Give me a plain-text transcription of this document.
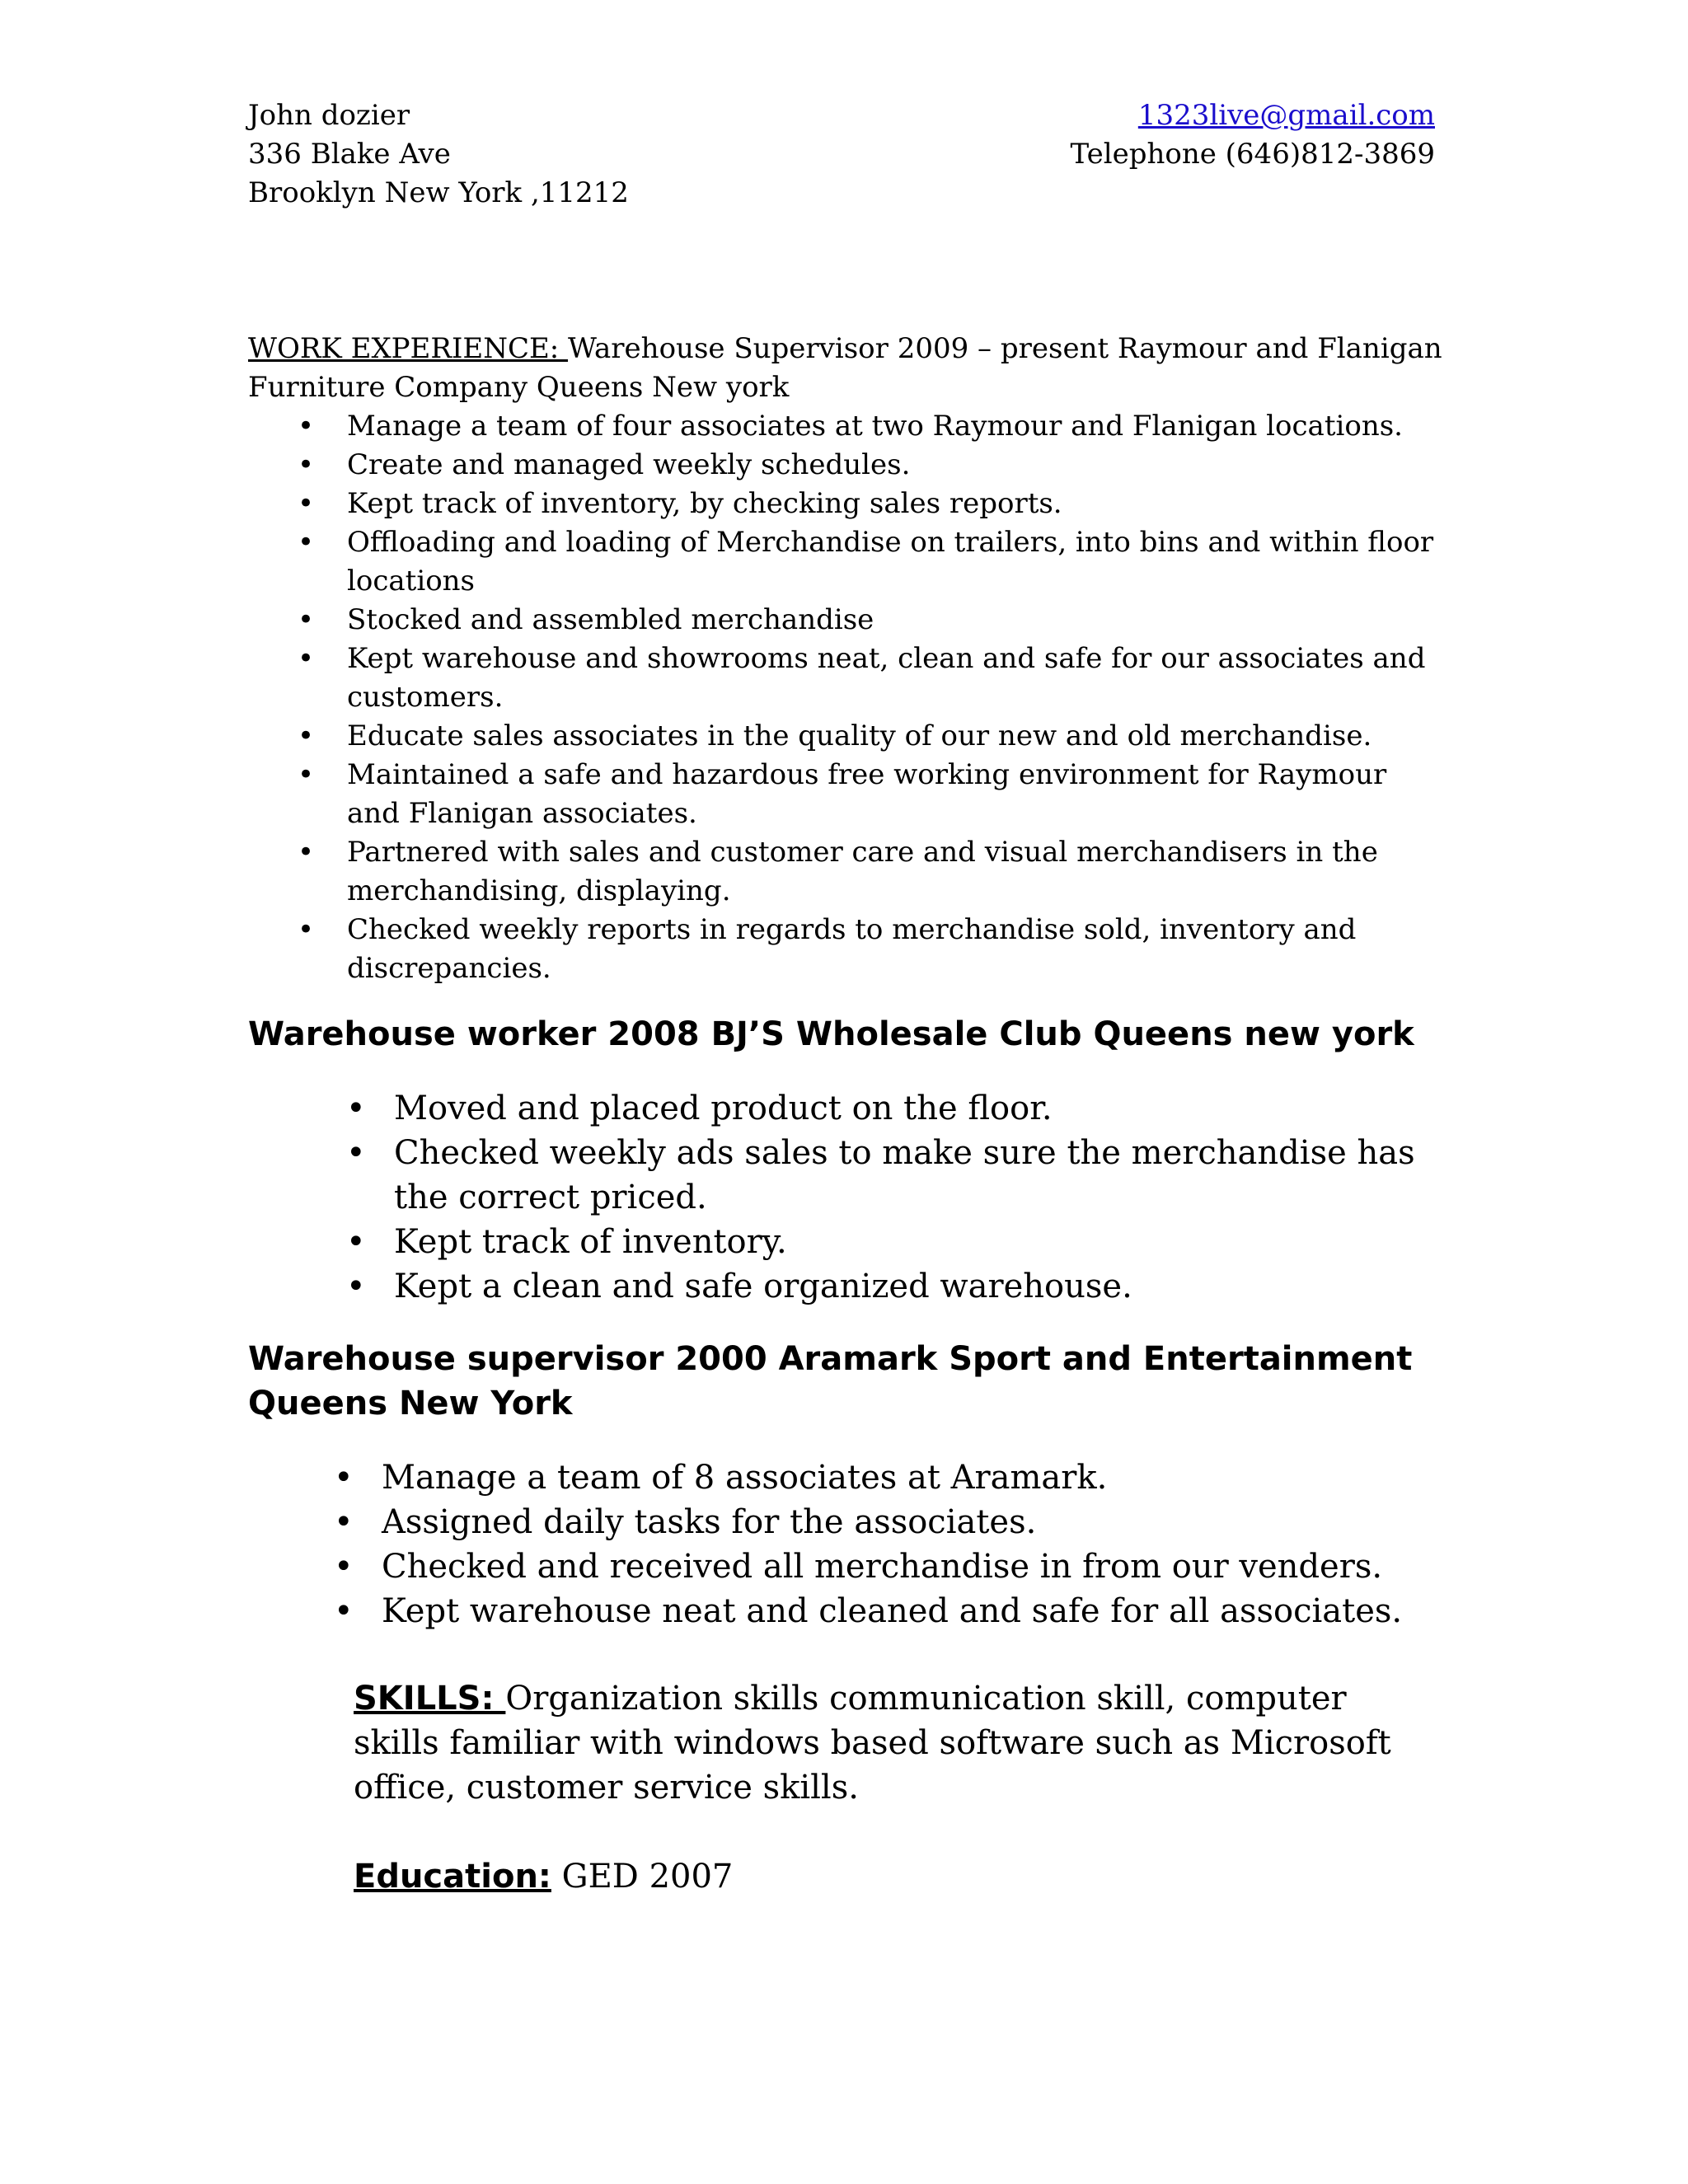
John dozier
336 Blake Ave
Brooklyn New York ,11212
1323live@gmail.com
Telephone (646)812-3869
WORK EXPERIENCE: Warehouse Supervisor 2009 – present Raymour and Flanigan
Furniture Company Queens New york
• Manage a team of four associates at two Raymour and Flanigan locations.
• Create and managed weekly schedules.
• Kept track of inventory, by checking sales reports.
• Offloading and loading of Merchandise on trailers, into bins and within floor locations
• Stocked and assembled merchandise
• Kept warehouse and showrooms neat, clean and safe for our associates and customers.
• Educate sales associates in the quality of our new and old merchandise.
• Maintained a safe and hazardous free working environment for Raymour and Flanigan associates.
• Partnered with sales and customer care and visual merchandisers in the merchandising, displaying.
• Checked weekly reports in regards to merchandise sold, inventory and discrepancies.
Warehouse worker 2008 BJ’S Wholesale Club Queens new york
• Moved and placed product on the floor.
• Checked weekly ads sales to make sure the merchandise has the correct priced.
• Kept track of inventory.
• Kept a clean and safe organized warehouse.
Warehouse supervisor 2000 Aramark Sport and Entertainment Queens New York
• Manage a team of 8 associates at Aramark.
• Assigned daily tasks for the associates.
• Checked and received all merchandise in from our venders.
• Kept warehouse neat and cleaned and safe for all associates.
SKILLS: Organization skills communication skill, computer skills familiar with windows based software such as Microsoft office, customer service skills.
Education: GED 2007
